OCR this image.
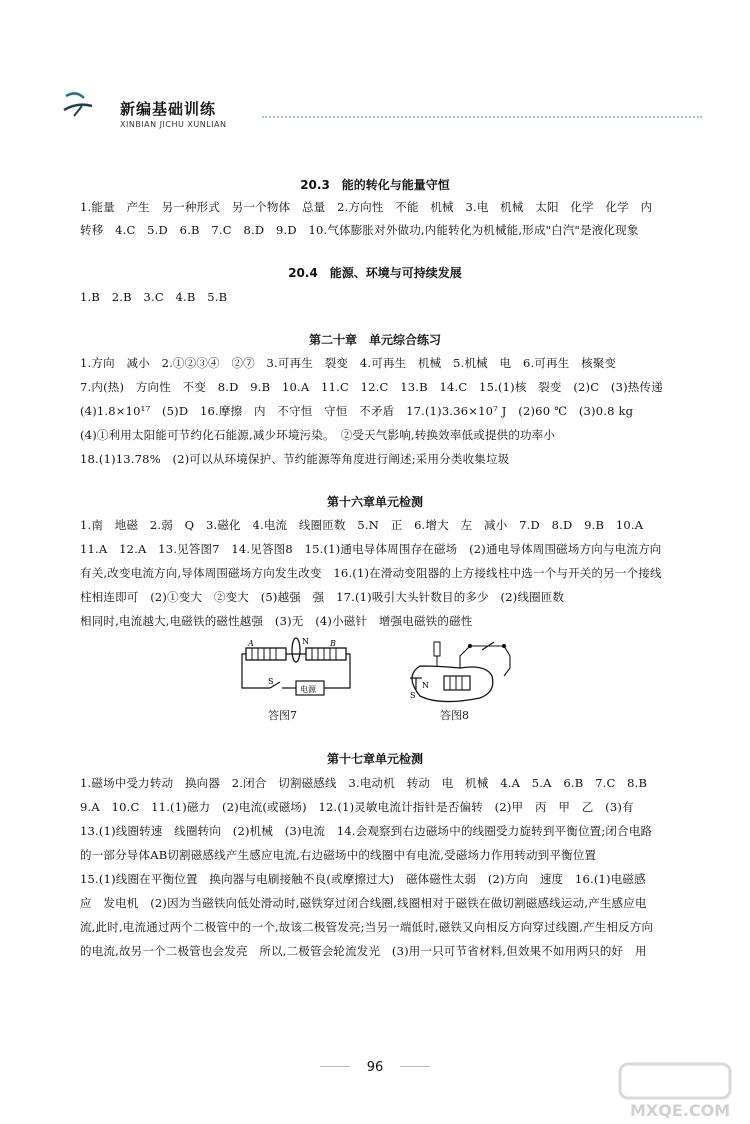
新编基础训练
XINBIAN JICHU XUNLIAN
20.3　能的转化与能量守恒
1.能量　产生　另一种形式　另一个物体　总量　2.方向性　不能　机械　3.电　机械　太阳　化学　化学　内
转移　4.C　5.D　6.B　7.C　8.D　9.D　10.气体膨胀对外做功,内能转化为机械能,形成"白汽"是液化现象
20.4　能源、环境与可持续发展
1.B　2.B　3.C　4.B　5.B
第二十章　单元综合练习
1.方向　减小　2.①②③④　②⑦　3.可再生　裂变　4.可再生　机械　5.机械　电　6.可再生　核聚变
7.内(热)　方向性　不变　8.D　9.B　10.A　11.C　12.C　13.B　14.C　15.(1)核　裂变　(2)C　(3)热传递
(4)1.8×10¹⁷　(5)D　16.摩擦　内　不守恒　守恒　不矛盾　17.(1)3.36×10⁷ J　(2)60 ℃　(3)0.8 kg
(4)①利用太阳能可节约化石能源,减少环境污染。　②受天气影响,转换效率低或提供的功率小
18.(1)13.78%　(2)可以从环境保护、节约能源等角度进行阐述;采用分类收集垃圾
第十六章单元检测
1.南　地磁　2.弱　Q　3.磁化　4.电流　线圈匝数　5.N　正　6.增大　左　减小　7.D　8.D　9.B　10.A
11.A　12.A　13.见答图7　14.见答图8　15.(1)通电导体周围存在磁场　(2)通电导体周围磁场方向与电流方向
有关,改变电流方向,导体周围磁场方向发生改变　16.(1)在滑动变阻器的上方接线柱中选一个与开关的另一个接线
柱相连即可　(2)①变大　②变大　(5)越强　强　17.(1)吸引大头针数目的多少　(2)线圈匝数
相同时,电流越大,电磁铁的磁性越强　(3)无　(4)小磁针　增强电磁铁的磁性
A	B
N
S
电源
答图7
S
N
答图8
第十七章单元检测
1.磁场中受力转动　换向器　2.闭合　切割磁感线　3.电动机　转动　电　机械　4.A　5.A　6.B　7.C　8.B
9.A　10.C　11.(1)磁力　(2)电流(或磁场)　12.(1)灵敏电流计指针是否偏转　(2)甲　丙　甲　乙　(3)有
13.(1)线圈转速　线圈转向　(2)机械　(3)电流　14.会观察到右边磁场中的线圈受力旋转到平衡位置;闭合电路
的一部分导体AB切割磁感线产生感应电流,右边磁场中的线圈中有电流,受磁场力作用转动到平衡位置
15.(1)线圈在平衡位置　换向器与电刷接触不良(或摩擦过大)　磁体磁性太弱　(2)方向　速度　16.(1)电磁感
应　发电机　(2)因为当磁铁向低处滑动时,磁铁穿过闭合线圈,线圈相对于磁铁在做切割磁感线运动,产生感应电
流,此时,电流通过两个二极管中的一个,故该二极管发亮;当另一端低时,磁铁又向相反方向穿过线圈,产生相反方向
的电流,故另一个二极管也会发亮　所以,二极管会轮流发光　(3)用一只可节省材料,但效果不如用两只的好　用
96
MXQE.COM
